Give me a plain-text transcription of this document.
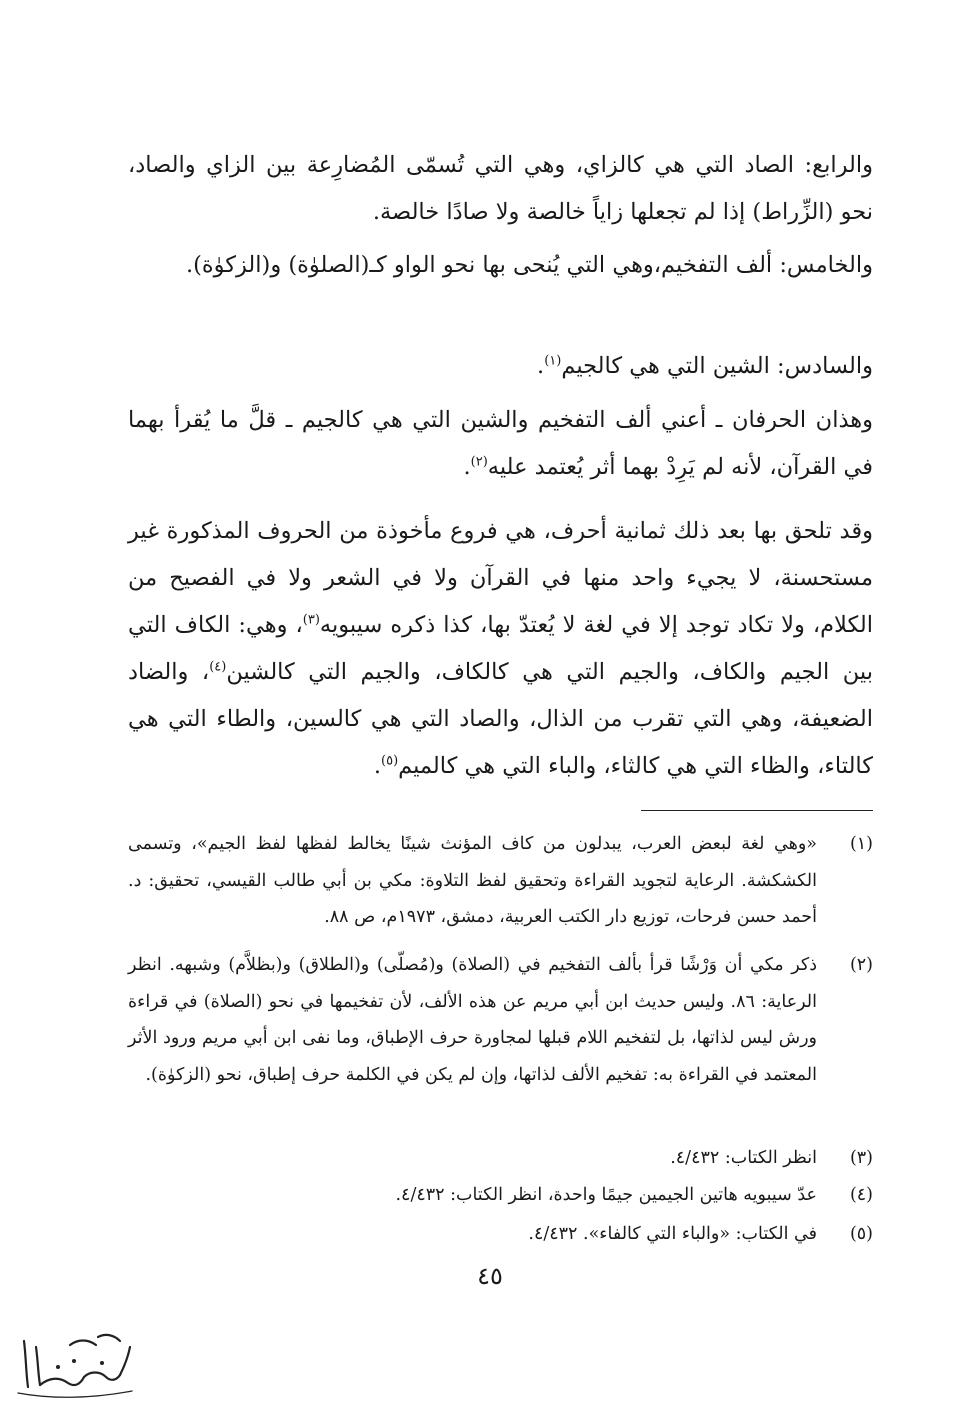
والرابع: الصاد التي هي كالزاي، وهي التي تُسمّى المُضارِعة بين الزاي والصاد، نحو (الزِّراط) إذا لم تجعلها زاياً خالصة ولا صادًا خالصة.

والخامس: ألف التفخيم،وهي التي يُنحى بها نحو الواو كـ(الصلوٰة) و(الزكوٰة).

والسادس: الشين التي هي كالجيم$^{(١)}$.

وهذان الحرفان ـ أعني ألف التفخيم والشين التي هي كالجيم ـ قلَّ ما يُقرأ بهما في القرآن، لأنه لم يَرِدْ بهما أثر يُعتمد عليه$^{(٢)}$.

وقد تلحق بها بعد ذلك ثمانية أحرف، هي فروع مأخوذة من الحروف المذكورة غير مستحسنة، لا يجيء واحد منها في القرآن ولا في الشعر ولا في الفصيح من الكلام، ولا تكاد توجد إلا في لغة لا يُعتدّ بها، كذا ذكره سيبويه$^{(٣)}$، وهي: الكاف التي بين الجيم والكاف، والجيم التي هي كالكاف، والجيم التي كالشين$^{(٤)}$، والضاد الضعيفة، وهي التي تقرب من الذال، والصاد التي هي كالسين، والطاء التي هي كالتاء، والظاء التي هي كالثاء، والباء التي هي كالميم$^{(٥)}$.

(١)
«وهي لغة لبعض العرب، يبدلون من كاف المؤنث شينًا يخالط لفظها لفظ الجيم»، وتسمى الكشكشة. الرعاية لتجويد القراءة وتحقيق لفظ التلاوة: مكي بن أبي طالب القيسي، تحقيق: د. أحمد حسن فرحات، توزيع دار الكتب العربية، دمشق، ١٩٧٣م، ص ٨٨.
(٢)
ذكر مكي أن وَرْشًا قرأ بألف التفخيم في (الصلاة) و(مُصلّى) و(الطلاق) و(بظلاَّم) وشبهه. انظر الرعاية: ٨٦. وليس حديث ابن أبي مريم عن هذه الألف، لأن تفخيمها في نحو (الصلاة) في قراءة ورش ليس لذاتها، بل لتفخيم اللام قبلها لمجاورة حرف الإطباق، وما نفى ابن أبي مريم ورود الأثر المعتمد في القراءة به: تفخيم الألف لذاتها، وإن لم يكن في الكلمة حرف إطباق، نحو (الزكوٰة).
(٣)
انظر الكتاب: ٤/٤٣٢.
(٤)
عدّ سيبويه هاتين الجيمين جيمًا واحدة، انظر الكتاب: ٤/٤٣٢.
(٥)
في الكتاب: «والباء التي كالفاء». ٤/٤٣٢.
٤٥
